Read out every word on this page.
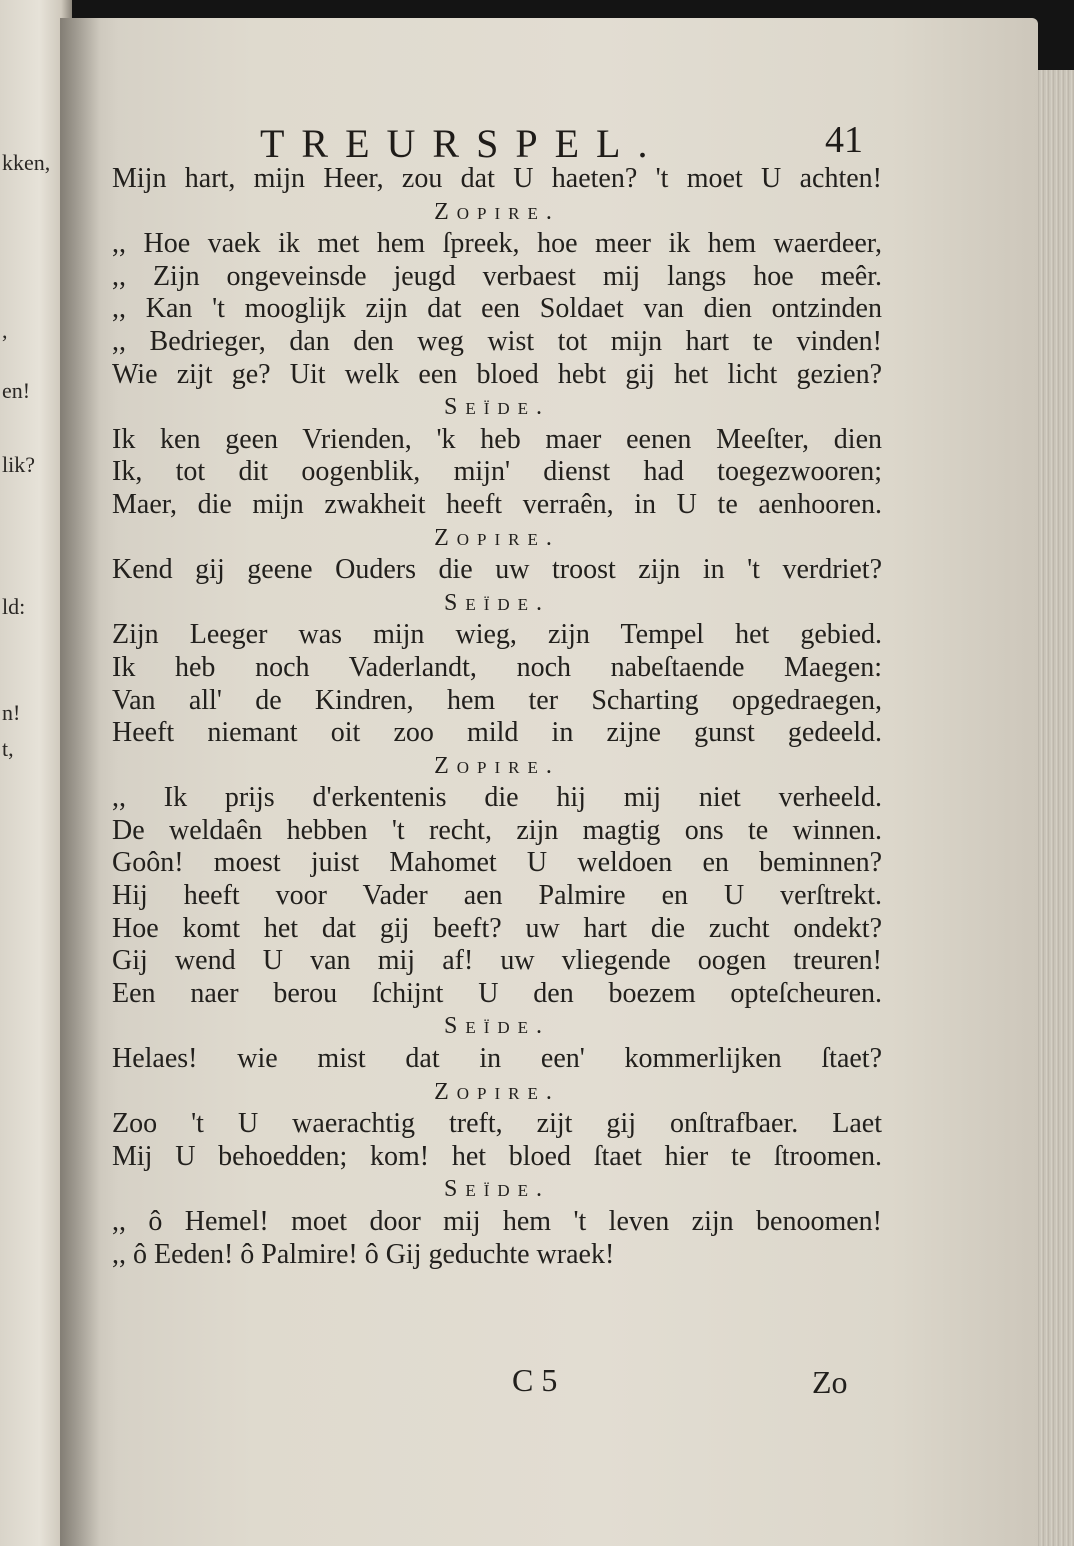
kken,
,
en!
lik?
ld:
n!
t,
TREURSPEL.	41
Mijn hart, mijn Heer, zou dat U haeten? 't moet U achten!
Zopire.
,, Hoe vaek ik met hem ſpreek, hoe meer ik hem waerdeer,
,, Zijn ongeveinsde jeugd verbaest mij langs hoe meêr.
,, Kan 't mooglijk zijn dat een Soldaet van dien ontzinden
,, Bedrieger, dan den weg wist tot mijn hart te vinden!
Wie zijt ge? Uit welk een bloed hebt gij het licht gezien?
Seïde.
Ik ken geen Vrienden, 'k heb maer eenen Meeſter, dien
Ik, tot dit oogenblik, mijn' dienst had toegezwooren;
Maer, die mijn zwakheit heeft verraên, in U te aenhooren.
Zopire.
Kend gij geene Ouders die uw troost zijn in 't verdriet?
Seïde.
Zijn Leeger was mijn wieg, zijn Tempel het gebied.
Ik heb noch Vaderlandt, noch nabeſtaende Maegen:
Van all' de Kindren, hem ter Scharting opgedraegen,
Heeft niemant oit zoo mild in zijne gunst gedeeld.
Zopire.
,, Ik prijs d'erkentenis die hij mij niet verheeld.
De weldaên hebben 't recht, zijn magtig ons te winnen.
Goôn! moest juist Mahomet U weldoen en beminnen?
Hij heeft voor Vader aen Palmire en U verſtrekt.
Hoe komt het dat gij beeft? uw hart die zucht ondekt?
Gij wend U van mij af! uw vliegende oogen treuren!
Een naer berou ſchijnt U den boezem opteſcheuren.
Seïde.
Helaes! wie mist dat in een' kommerlijken ſtaet?
Zopire.
Zoo 't U waerachtig treft, zijt gij onſtrafbaer. Laet
Mij U behoedden; kom! het bloed ſtaet hier te ſtroomen.
Seïde.
,, ô Hemel! moet door mij hem 't leven zijn benoomen!
,, ô Eeden! ô Palmire! ô Gij geduchte wraek!
C 5	Zo
